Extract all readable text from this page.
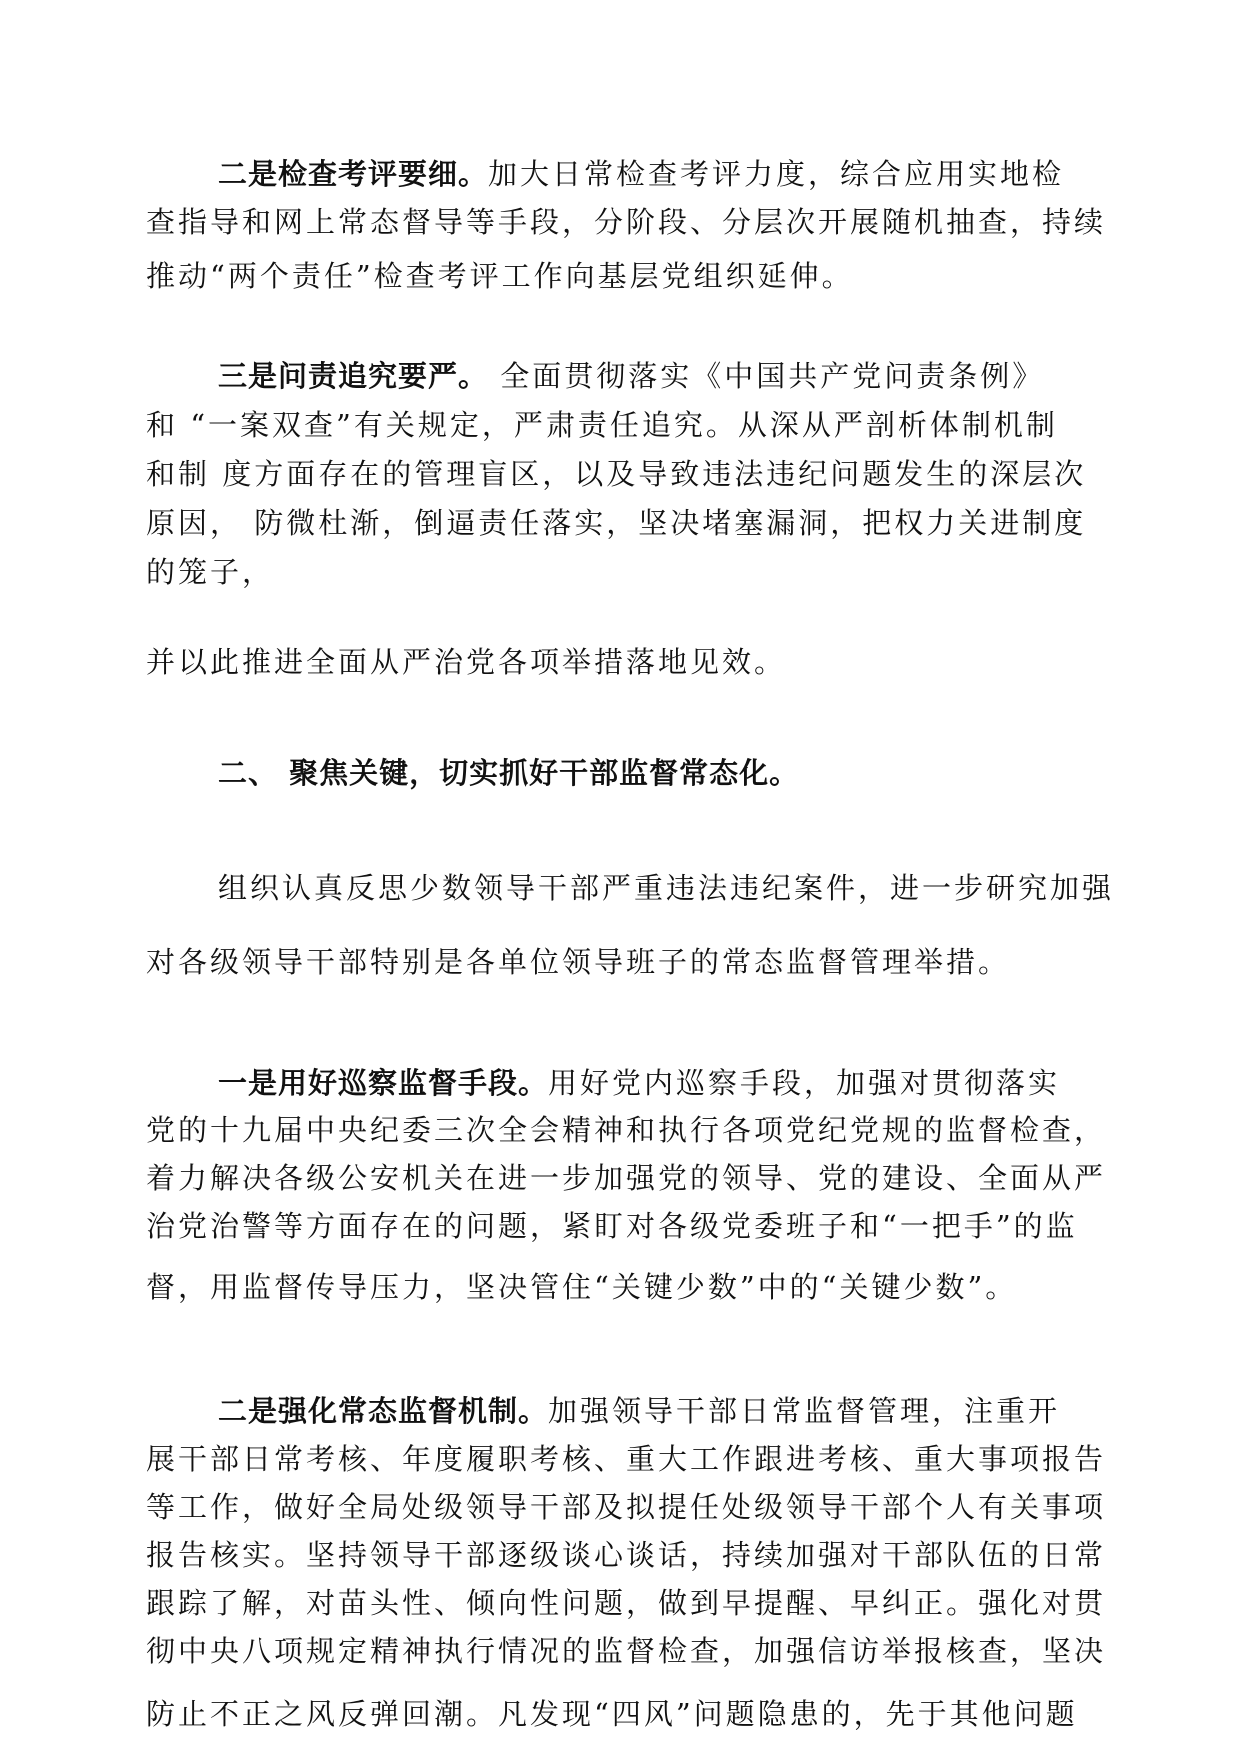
二是检查考评要细。加大日常检查考评力度，综合应用实地检
查指导和网上常态督导等手段，分阶段、分层次开展随机抽查，持续
推动“两个责任”检查考评工作向基层党组织延伸。
三是问责追究要严。 全面贯彻落实《中国共产党问责条例》
和 “一案双查”有关规定，严肃责任追究。从深从严剖析体制机制
和制 度方面存在的管理盲区，以及导致违法违纪问题发生的深层次
原因， 防微杜渐，倒逼责任落实，坚决堵塞漏洞，把权力关进制度
的笼子，
并以此推进全面从严治党各项举措落地见效。
二、 聚焦关键，切实抓好干部监督常态化。
组织认真反思少数领导干部严重违法违纪案件，进一步研究加强
对各级领导干部特别是各单位领导班子的常态监督管理举措。
一是用好巡察监督手段。用好党内巡察手段，加强对贯彻落实
党的十九届中央纪委三次全会精神和执行各项党纪党规的监督检查，
着力解决各级公安机关在进一步加强党的领导、党的建设、全面从严
治党治警等方面存在的问题，紧盯对各级党委班子和“一把手”的监
督，用监督传导压力，坚决管住“关键少数”中的“关键少数”。
二是强化常态监督机制。加强领导干部日常监督管理，注重开
展干部日常考核、年度履职考核、重大工作跟进考核、重大事项报告
等工作，做好全局处级领导干部及拟提任处级领导干部个人有关事项
报告核实。坚持领导干部逐级谈心谈话，持续加强对干部队伍的日常
跟踪了解，对苗头性、倾向性问题，做到早提醒、早纠正。强化对贯
彻中央八项规定精神执行情况的监督检查，加强信访举报核查，坚决
防止不正之风反弹回潮。凡发现“四风”问题隐患的，先于其他问题
